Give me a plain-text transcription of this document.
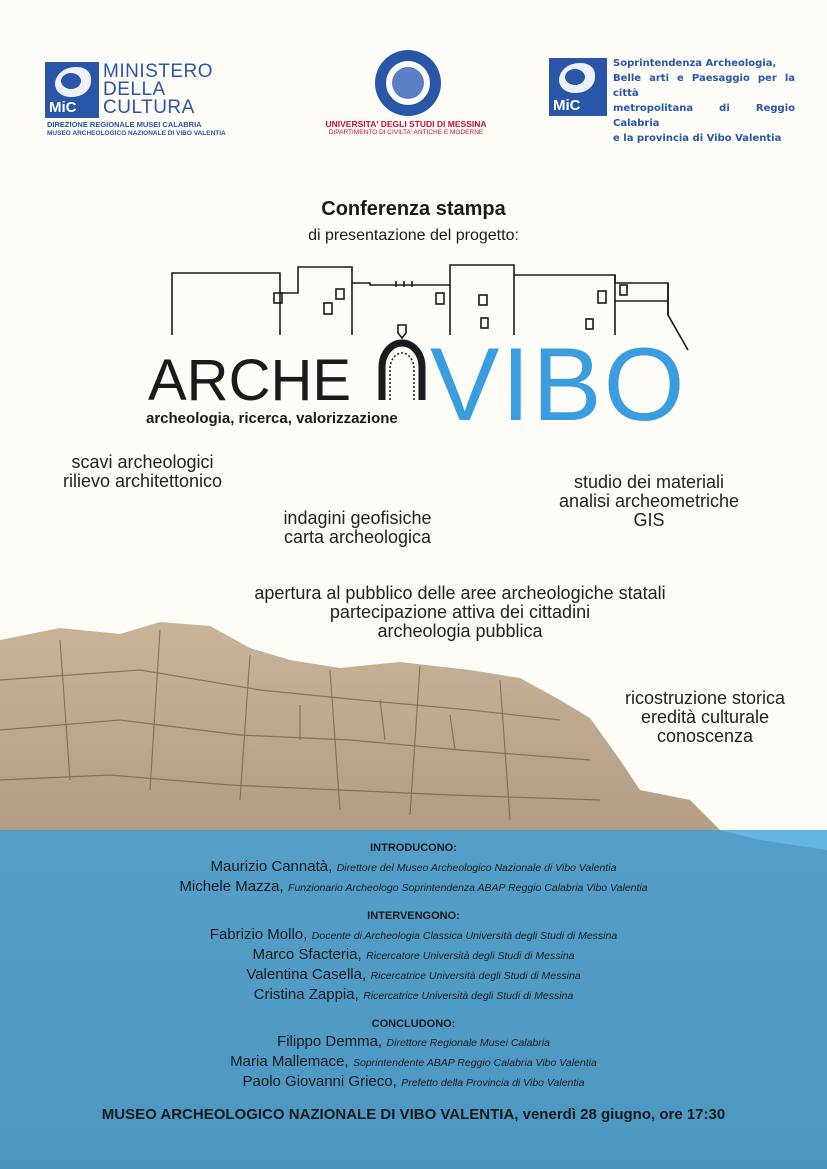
MiC
MINISTERO
DELLA
CULTURA
DIREZIONE REGIONALE MUSEI CALABRIA
MUSEO ARCHEOLOGICO NAZIONALE DI VIBO VALENTIA
UNIVERSITA' DEGLI STUDI DI MESSINA
DIPARTIMENTO DI CIVILTA' ANTICHE E MODERNE
MiC
Soprintendenza Archeologia,
Belle arti e Paesaggio per la città
metropolitana di Reggio Calabria
e la provincia di Vibo Valentia
Conferenza stampa
di presentazione del progetto:
ARCHE VIBO
archeologia, ricerca, valorizzazione
scavi archeologici
rilievo architettonico
indagini geofisiche
carta archeologica
studio dei materiali
analisi archeometriche
GIS
apertura al pubblico delle aree archeologiche statali
partecipazione attiva dei cittadini
archeologia pubblica
ricostruzione storica
eredità culturale
conoscenza
INTRODUCONO:
Maurizio Cannatà, Direttore del Museo Archeologico Nazionale di Vibo Valentia
Michele Mazza, Funzionario Archeologo Soprintendenza ABAP Reggio Calabria Vibo Valentia
INTERVENGONO:
Fabrizio Mollo, Docente di Archeologia Classica Università degli Studi di Messina
Marco Sfacteria, Ricercatore Università degli Studi di Messina
Valentina Casella, Ricercatrice Università degli Studi di Messina
Cristina Zappia, Ricercatrice Università degli Studi di Messina
CONCLUDONO:
Filippo Demma, Direttore Regionale Musei Calabria
Maria Mallemace, Soprintendente ABAP Reggio Calabria Vibo Valentia
Paolo Giovanni Grieco, Prefetto della Provincia di Vibo Valentia
MUSEO ARCHEOLOGICO NAZIONALE DI VIBO VALENTIA, venerdì 28 giugno, ore 17:30
